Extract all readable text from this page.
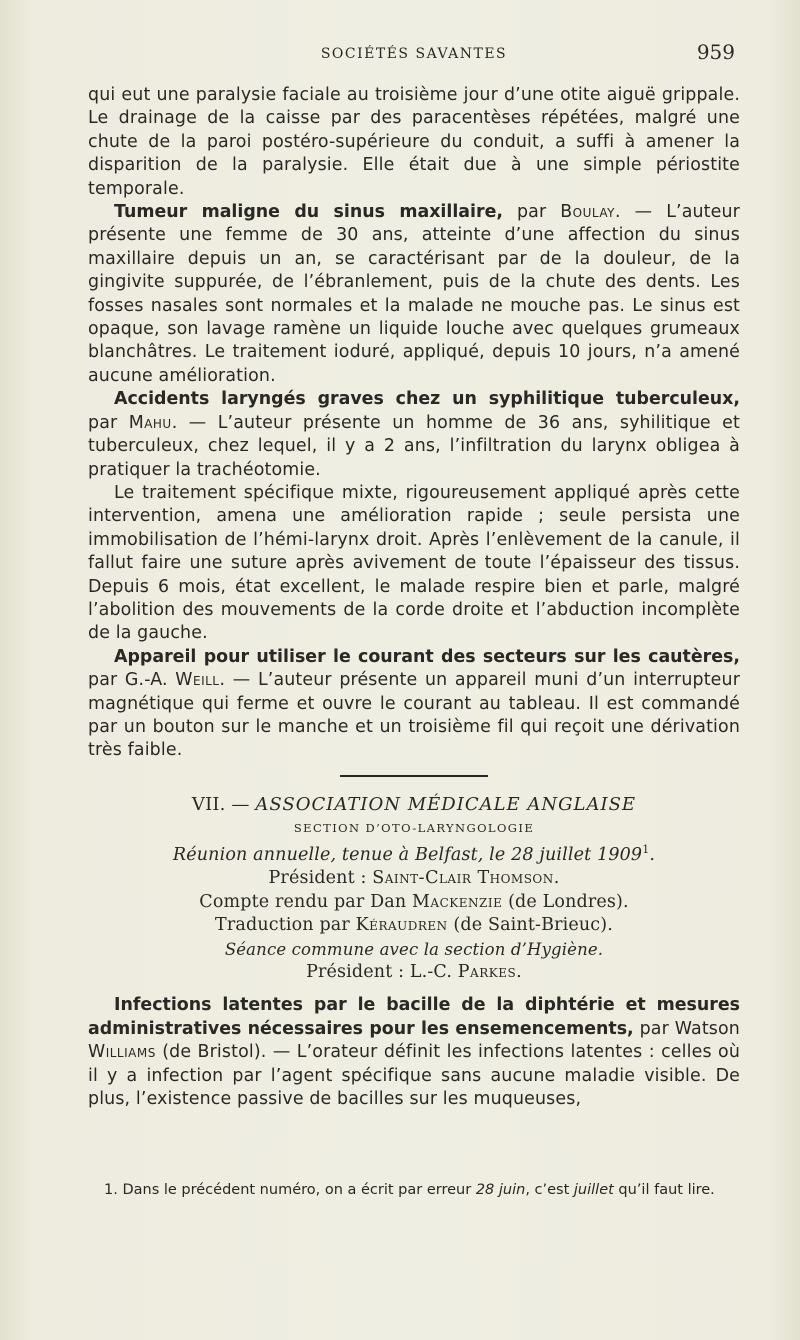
SOCIÉTÉS SAVANTES	959

qui eut une paralysie faciale au troisième jour d’une otite aiguë grippale. Le drainage de la caisse par des paracentèses répétées, malgré une chute de la paroi postéro-supérieure du conduit, a suffi à amener la disparition de la paralysie. Elle était due à une simple périostite temporale.

Tumeur maligne du sinus maxillaire, par Boulay. — L’auteur présente une femme de 30 ans, atteinte d’une affection du sinus maxillaire depuis un an, se caractérisant par de la douleur, de la gingivite suppurée, de l’ébranlement, puis de la chute des dents. Les fosses nasales sont normales et la malade ne mouche pas. Le sinus est opaque, son lavage ramène un liquide louche avec quelques grumeaux blanchâtres. Le traitement ioduré, appliqué, depuis 10 jours, n’a amené aucune amélioration.

Accidents laryngés graves chez un syphilitique tuberculeux, par Mahu. — L’auteur présente un homme de 36 ans, syhilitique et tuberculeux, chez lequel, il y a 2 ans, l’infiltration du larynx obligea à pratiquer la trachéotomie.

Le traitement spécifique mixte, rigoureusement appliqué après cette intervention, amena une amélioration rapide ; seule persista une immobilisation de l’hémi-larynx droit. Après l’enlèvement de la canule, il fallut faire une suture après avivement de toute l’épaisseur des tissus. Depuis 6 mois, état excellent, le malade respire bien et parle, malgré l’abolition des mouvements de la corde droite et l’abduction incomplète de la gauche.

Appareil pour utiliser le courant des secteurs sur les cautères, par G.-A. Weill. — L’auteur présente un appareil muni d’un interrupteur magnétique qui ferme et ouvre le courant au tableau. Il est commandé par un bouton sur le manche et un troisième fil qui reçoit une dérivation très faible.

VII. — ASSOCIATION MÉDICALE ANGLAISE
SECTION D’OTO-LARYNGOLOGIE
Réunion annuelle, tenue à Belfast, le 28 juillet 1909$^1$.
Président : Saint-Clair Thomson.
Compte rendu par Dan Mackenzie (de Londres).
Traduction par Kéraudren (de Saint-Brieuc).
Séance commune avec la section d’Hygiène.
Président : L.-C. Parkes.

Infections latentes par le bacille de la diphtérie et mesures administratives nécessaires pour les ensemencements, par Watson Williams (de Bristol). — L’orateur définit les infections latentes : celles où il y a infection par l’agent spécifique sans aucune maladie visible. De plus, l’existence passive de bacilles sur les muqueuses,

1. Dans le précédent numéro, on a écrit par erreur 28 juin, c’est juillet qu’il faut lire.
